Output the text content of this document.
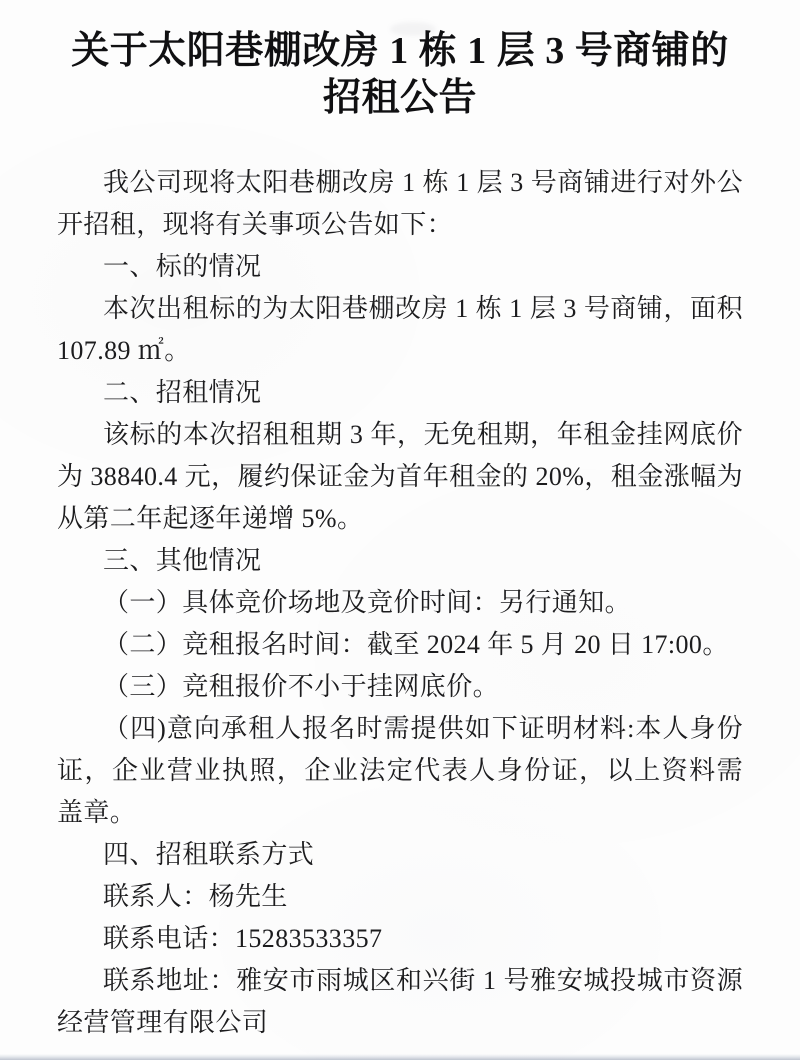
关于太阳巷棚改房 1 栋 1 层 3 号商铺的
招租公告

我公司现将太阳巷棚改房 1 栋 1 层 3 号商铺进行对外公开招租，现将有关事项公告如下：

一、标的情况

本次出租标的为太阳巷棚改房 1 栋 1 层 3 号商铺，面积 107.89 ㎡。

二、招租情况

该标的本次招租租期 3 年，无免租期，年租金挂网底价为 38840.4 元，履约保证金为首年租金的 20%，租金涨幅为从第二年起逐年递增 5%。

三、其他情况

（一）具体竞价场地及竞价时间：另行通知。

（二）竞租报名时间：截至 2024 年 5 月 20 日 17:00。

（三）竞租报价不小于挂网底价。

（四)意向承租人报名时需提供如下证明材料:本人身份证，企业营业执照，企业法定代表人身份证，以上资料需盖章。

四、招租联系方式

联系人：杨先生

联系电话：15283533357

联系地址：雅安市雨城区和兴街 1 号雅安城投城市资源经营管理有限公司
